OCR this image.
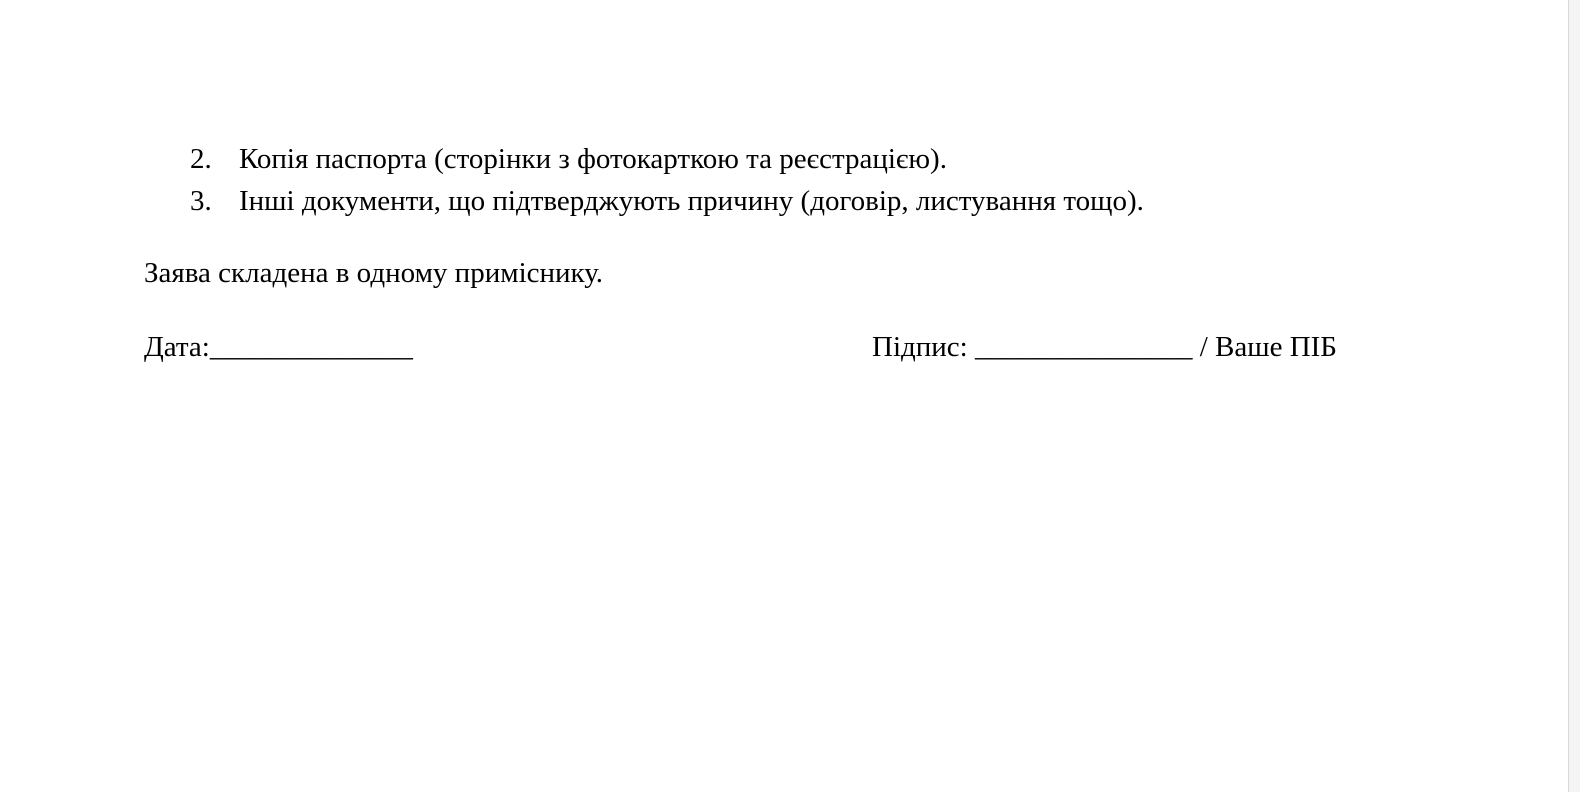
2. Копія паспорта (сторінки з фотокарткою та реєстрацією).
3. Інші документи, що підтверджують причину (договір, листування тощо).
Заява складена в одному приміснику.
Дата:______________	Підпис: _______________ / Ваше ПІБ
